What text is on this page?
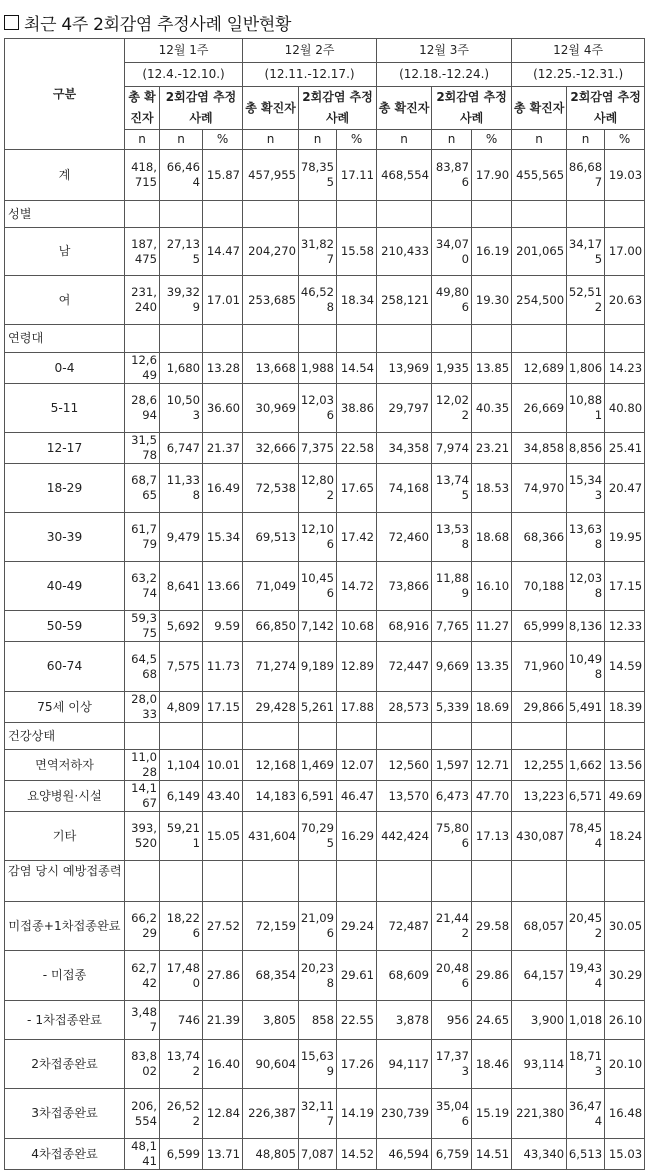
최근 4주 2회감염 추정사례 일반현황
구분	12월 1주			12월 2주			12월 3주			12월 4주		
	(12.4.-12.10.)			(12.11.-12.17.)			(12.18.-12.24.)			(12.25.-12.31.)		
	총 확진자	2회감염 추정사례		총 확진자	2회감염 추정사례		총 확진자	2회감염 추정사례		총 확진자	2회감염 추정사례	

	n	n	%	n	n	%	n	n	%	n	n	%
계	418,715	66,464	15.87	457,955	78,355	17.11	468,554	83,876	17.90	455,565	86,687	19.03
성별												
남	187,475	27,135	14.47	204,270	31,827	15.58	210,433	34,070	16.19	201,065	34,175	17.00
여	231,240	39,329	17.01	253,685	46,528	18.34	258,121	49,806	19.30	254,500	52,512	20.63
연령대												
0-4	12,649	1,680	13.28	13,668	1,988	14.54	13,969	1,935	13.85	12,689	1,806	14.23
5-11	28,694	10,503	36.60	30,969	12,036	38.86	29,797	12,022	40.35	26,669	10,881	40.80
12-17	31,578	6,747	21.37	32,666	7,375	22.58	34,358	7,974	23.21	34,858	8,856	25.41
18-29	68,765	11,338	16.49	72,538	12,802	17.65	74,168	13,745	18.53	74,970	15,343	20.47
30-39	61,779	9,479	15.34	69,513	12,106	17.42	72,460	13,538	18.68	68,366	13,638	19.95
40-49	63,274	8,641	13.66	71,049	10,456	14.72	73,866	11,889	16.10	70,188	12,038	17.15
50-59	59,375	5,692	9.59	66,850	7,142	10.68	68,916	7,765	11.27	65,999	8,136	12.33
60-74	64,568	7,575	11.73	71,274	9,189	12.89	72,447	9,669	13.35	71,960	10,498	14.59
75세 이상	28,033	4,809	17.15	29,428	5,261	17.88	28,573	5,339	18.69	29,866	5,491	18.39
건강상태												
면역저하자	11,028	1,104	10.01	12,168	1,469	12.07	12,560	1,597	12.71	12,255	1,662	13.56
요양병원·시설	14,167	6,149	43.40	14,183	6,591	46.47	13,570	6,473	47.70	13,223	6,571	49.69
기타	393,520	59,211	15.05	431,604	70,295	16.29	442,424	75,806	17.13	430,087	78,454	18.24
감염 당시 예방접종력												
미접종+1차접종완료	66,229	18,226	27.52	72,159	21,096	29.24	72,487	21,442	29.58	68,057	20,452	30.05
- 미접종	62,742	17,480	27.86	68,354	20,238	29.61	68,609	20,486	29.86	64,157	19,434	30.29
- 1차접종완료	3,487	746	21.39	3,805	858	22.55	3,878	956	24.65	3,900	1,018	26.10
2차접종완료	83,802	13,742	16.40	90,604	15,639	17.26	94,117	17,373	18.46	93,114	18,713	20.10
3차접종완료	206,554	26,522	12.84	226,387	32,117	14.19	230,739	35,046	15.19	221,380	36,474	16.48
4차접종완료	48,141	6,599	13.71	48,805	7,087	14.52	46,594	6,759	14.51	43,340	6,513	15.03
